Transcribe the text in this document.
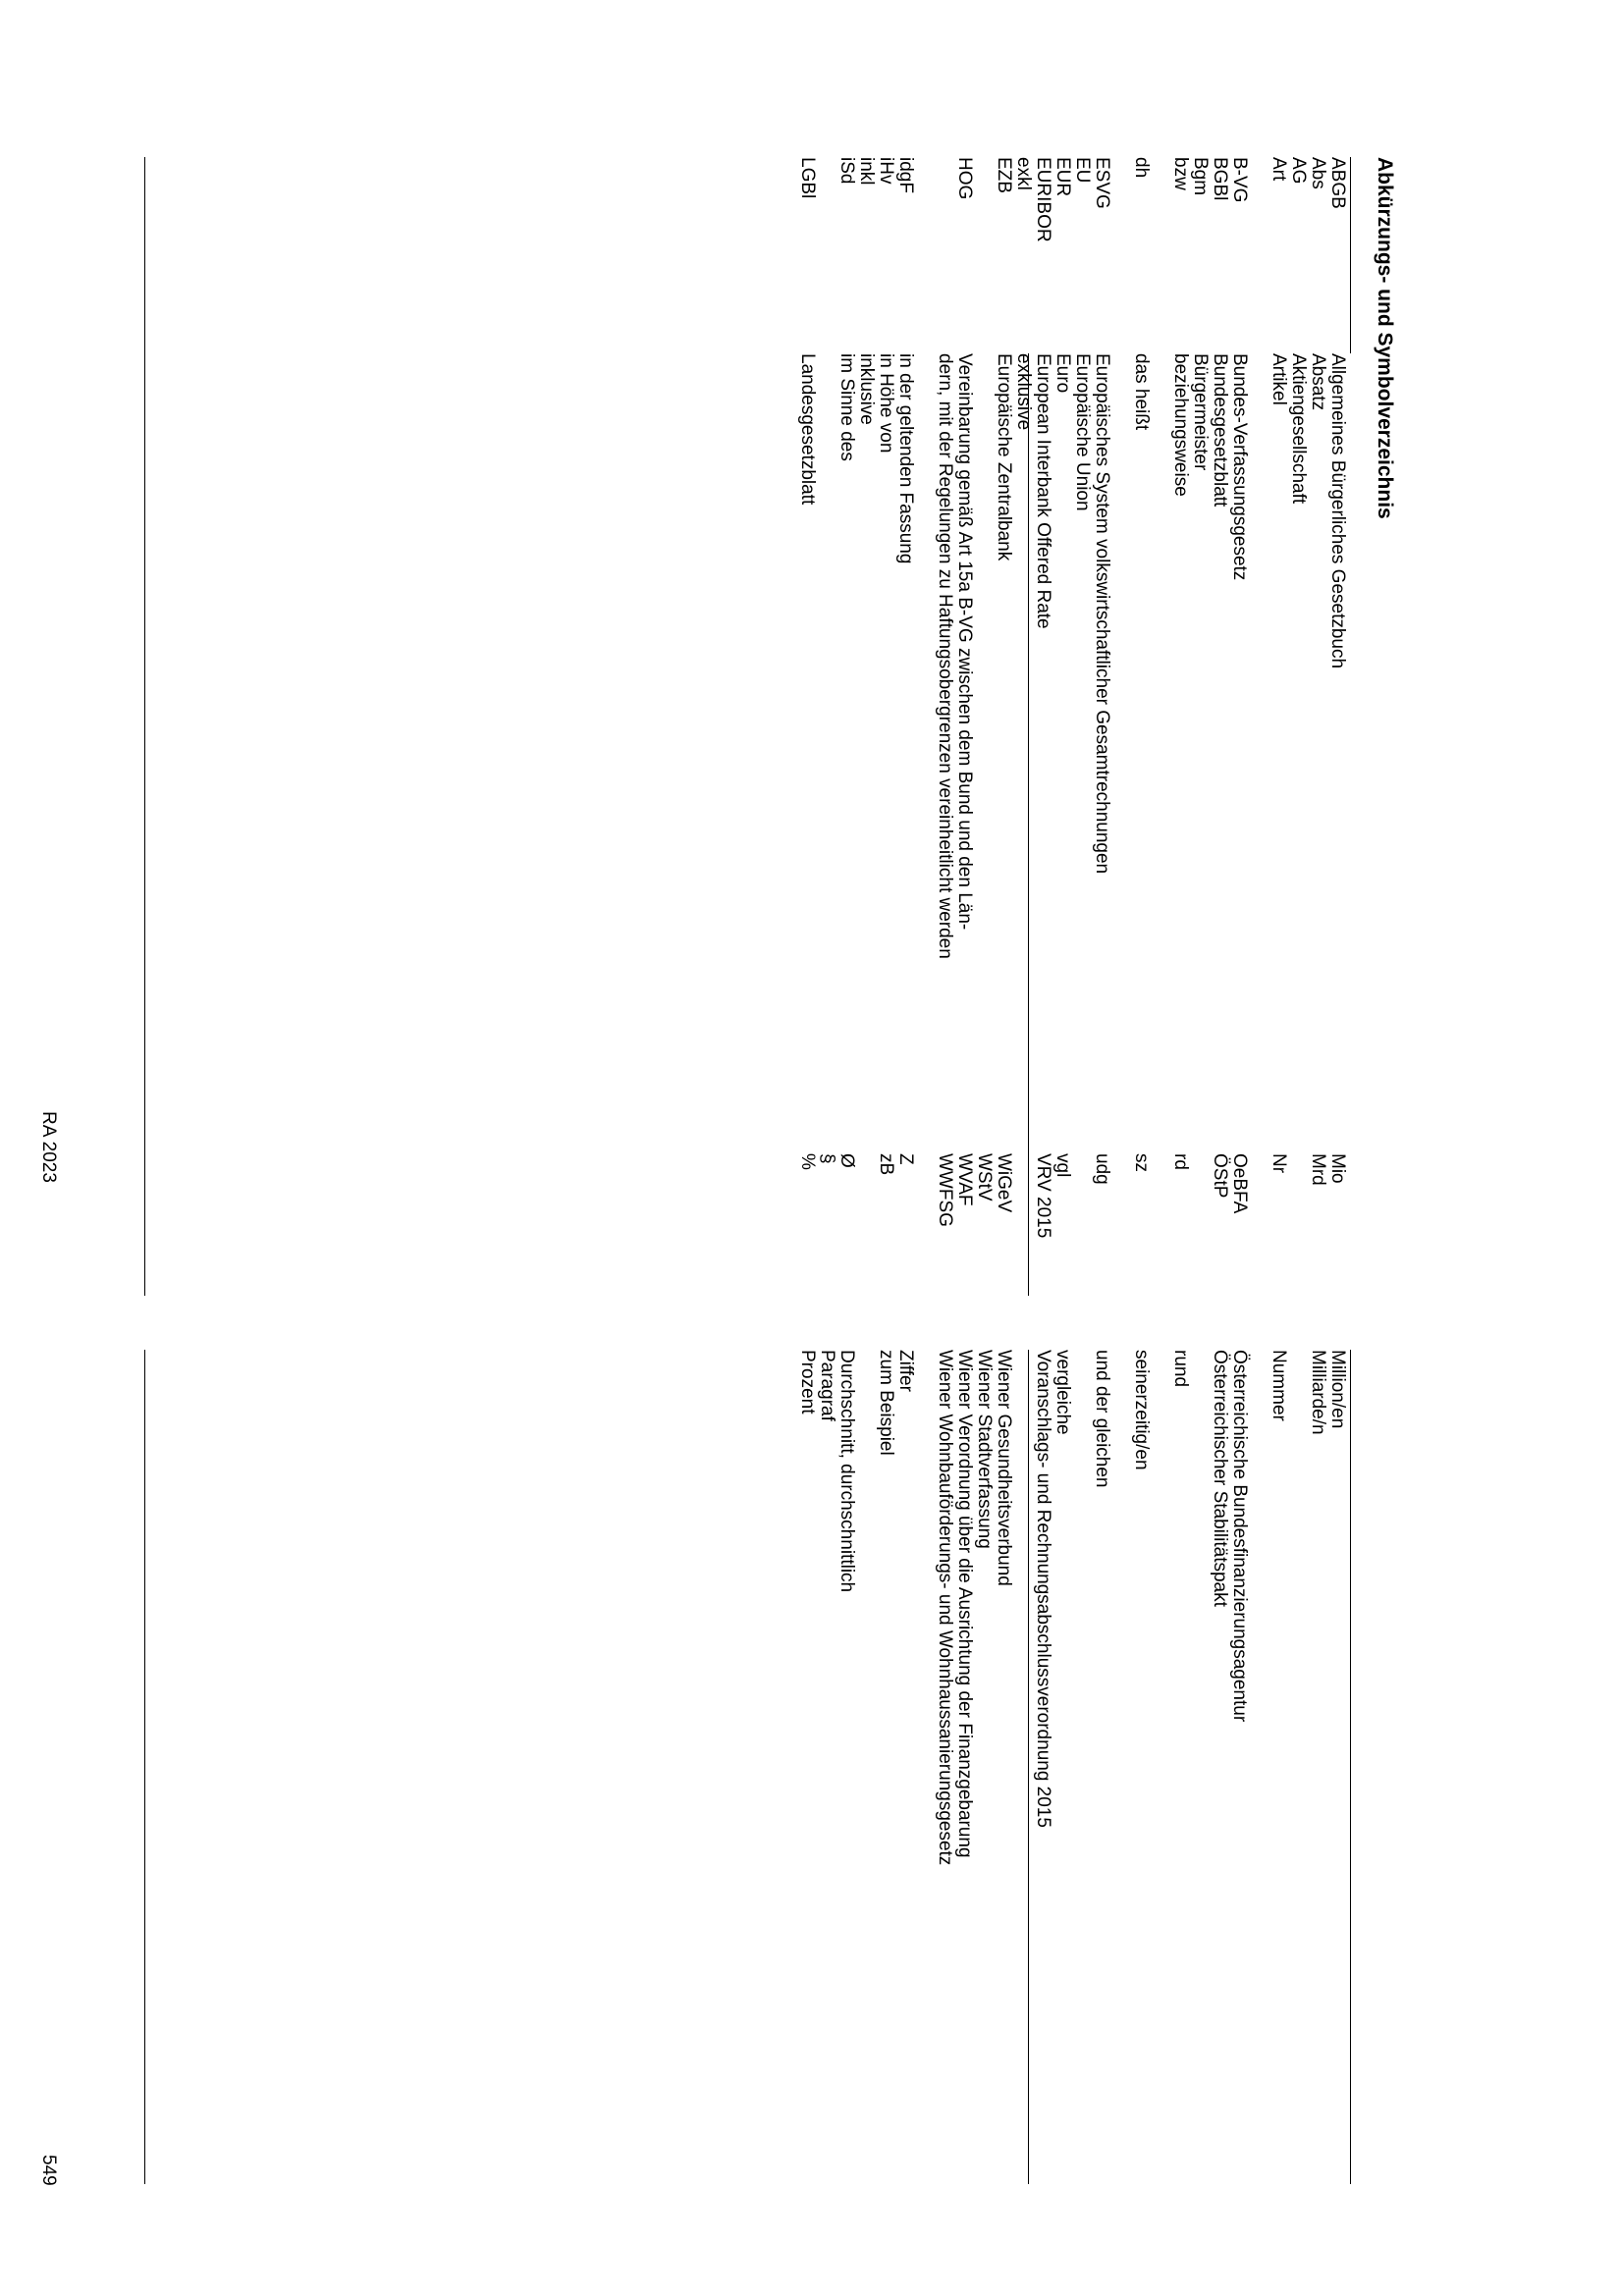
Abkürzungs- und Symbolverzeichnis
ABGB
Abs
AG
Art

B-VG
BGBl
Bgm
bzw

dh

ESVG
EU
EUR
EURIBOR
exkl
EZB

HOG

idgF
iHv
inkl
iSd

LGBl
Allgemeines Bürgerliches Gesetzbuch
Absatz
Aktiengesellschaft
Artikel

Bundes-Verfassungsgesetz
Bundesgesetzblatt
Bürgermeister
beziehungsweise

das heißt

Europäisches System volkswirtschaftlicher Gesamtrechnungen
Europäische Union
Euro
European Interbank Offered Rate
exklusive
Europäische Zentralbank

Vereinbarung gemäß Art 15a B-VG zwischen dem Bund und den Län-
dern, mit der Regelungen zu Haftungsobergrenzen vereinheitlicht werden

in der geltenden Fassung
in Höhe von
inklusive
im Sinne des

Landesgesetzblatt
Mio
Mrd

Nr

OeBFA
ÖStP

rd

sz

udg

vgl
VRV 2015

WiGeV
WStV
WVAF
WWFSG

Z
zB

Ø
§
%
Million/en
Milliarde/n

Nummer

Österreichische Bundesfinanzierungsagentur
Österreichischer Stabilitätspakt

rund

seinerzeitig/en

und der gleichen

vergleiche
Voranschlags- und Rechnungsabschlussverordnung 2015

Wiener Gesundheitsverbund
Wiener Stadtverfassung
Wiener Verordnung über die Ausrichtung der Finanzgebarung
Wiener Wohnbauförderungs- und Wohnhaussanierungsgesetz

Ziffer
zum Beispiel

Durchschnitt, durchschnittlich
Paragraf
Prozent
RA 2023
549
